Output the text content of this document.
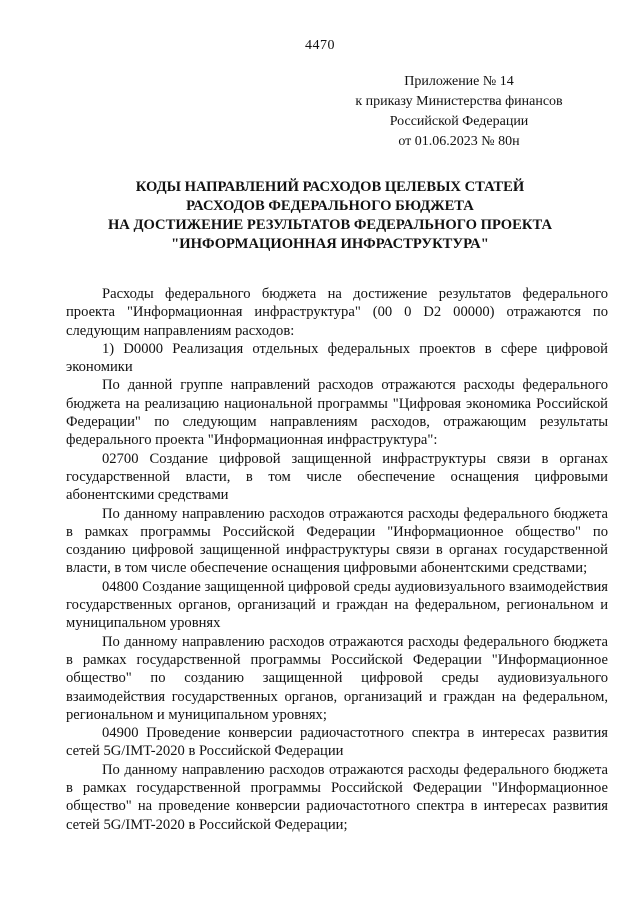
4470
Приложение № 14
к приказу Министерства финансов
Российской Федерации
от 01.06.2023 № 80н
КОДЫ НАПРАВЛЕНИЙ РАСХОДОВ ЦЕЛЕВЫХ СТАТЕЙ
РАСХОДОВ ФЕДЕРАЛЬНОГО БЮДЖЕТА
НА ДОСТИЖЕНИЕ РЕЗУЛЬТАТОВ ФЕДЕРАЛЬНОГО ПРОЕКТА
"ИНФОРМАЦИОННАЯ ИНФРАСТРУКТУРА"

Расходы федерального бюджета на достижение результатов федерального проекта "Информационная инфраструктура" (00 0 D2 00000) отражаются по следующим направлениям расходов:

1) D0000 Реализация отдельных федеральных проектов в сфере цифровой экономики

По данной группе направлений расходов отражаются расходы федерального бюджета на реализацию национальной программы "Цифровая экономика Российской Федерации" по следующим направлениям расходов, отражающим результаты федерального проекта "Информационная инфраструктура":

02700 Создание цифровой защищенной инфраструктуры связи в органах государственной власти, в том числе обеспечение оснащения цифровыми абонентскими средствами

По данному направлению расходов отражаются расходы федерального бюджета в рамках программы Российской Федерации "Информационное общество" по созданию цифровой защищенной инфраструктуры связи в органах государственной власти, в том числе обеспечение оснащения цифровыми абонентскими средствами;

04800 Создание защищенной цифровой среды аудиовизуального взаимодействия государственных органов, организаций и граждан на федеральном, региональном и муниципальном уровнях

По данному направлению расходов отражаются расходы федерального бюджета в рамках государственной программы Российской Федерации "Информационное общество" по созданию защищенной цифровой среды аудиовизуального взаимодействия государственных органов, организаций и граждан на федеральном, региональном и муниципальном уровнях;

04900 Проведение конверсии радиочастотного спектра в интересах развития сетей 5G/IMT-2020 в Российской Федерации

По данному направлению расходов отражаются расходы федерального бюджета в рамках государственной программы Российской Федерации "Информационное общество" на проведение конверсии радиочастотного спектра в интересах развития сетей 5G/IMT-2020 в Российской Федерации;
